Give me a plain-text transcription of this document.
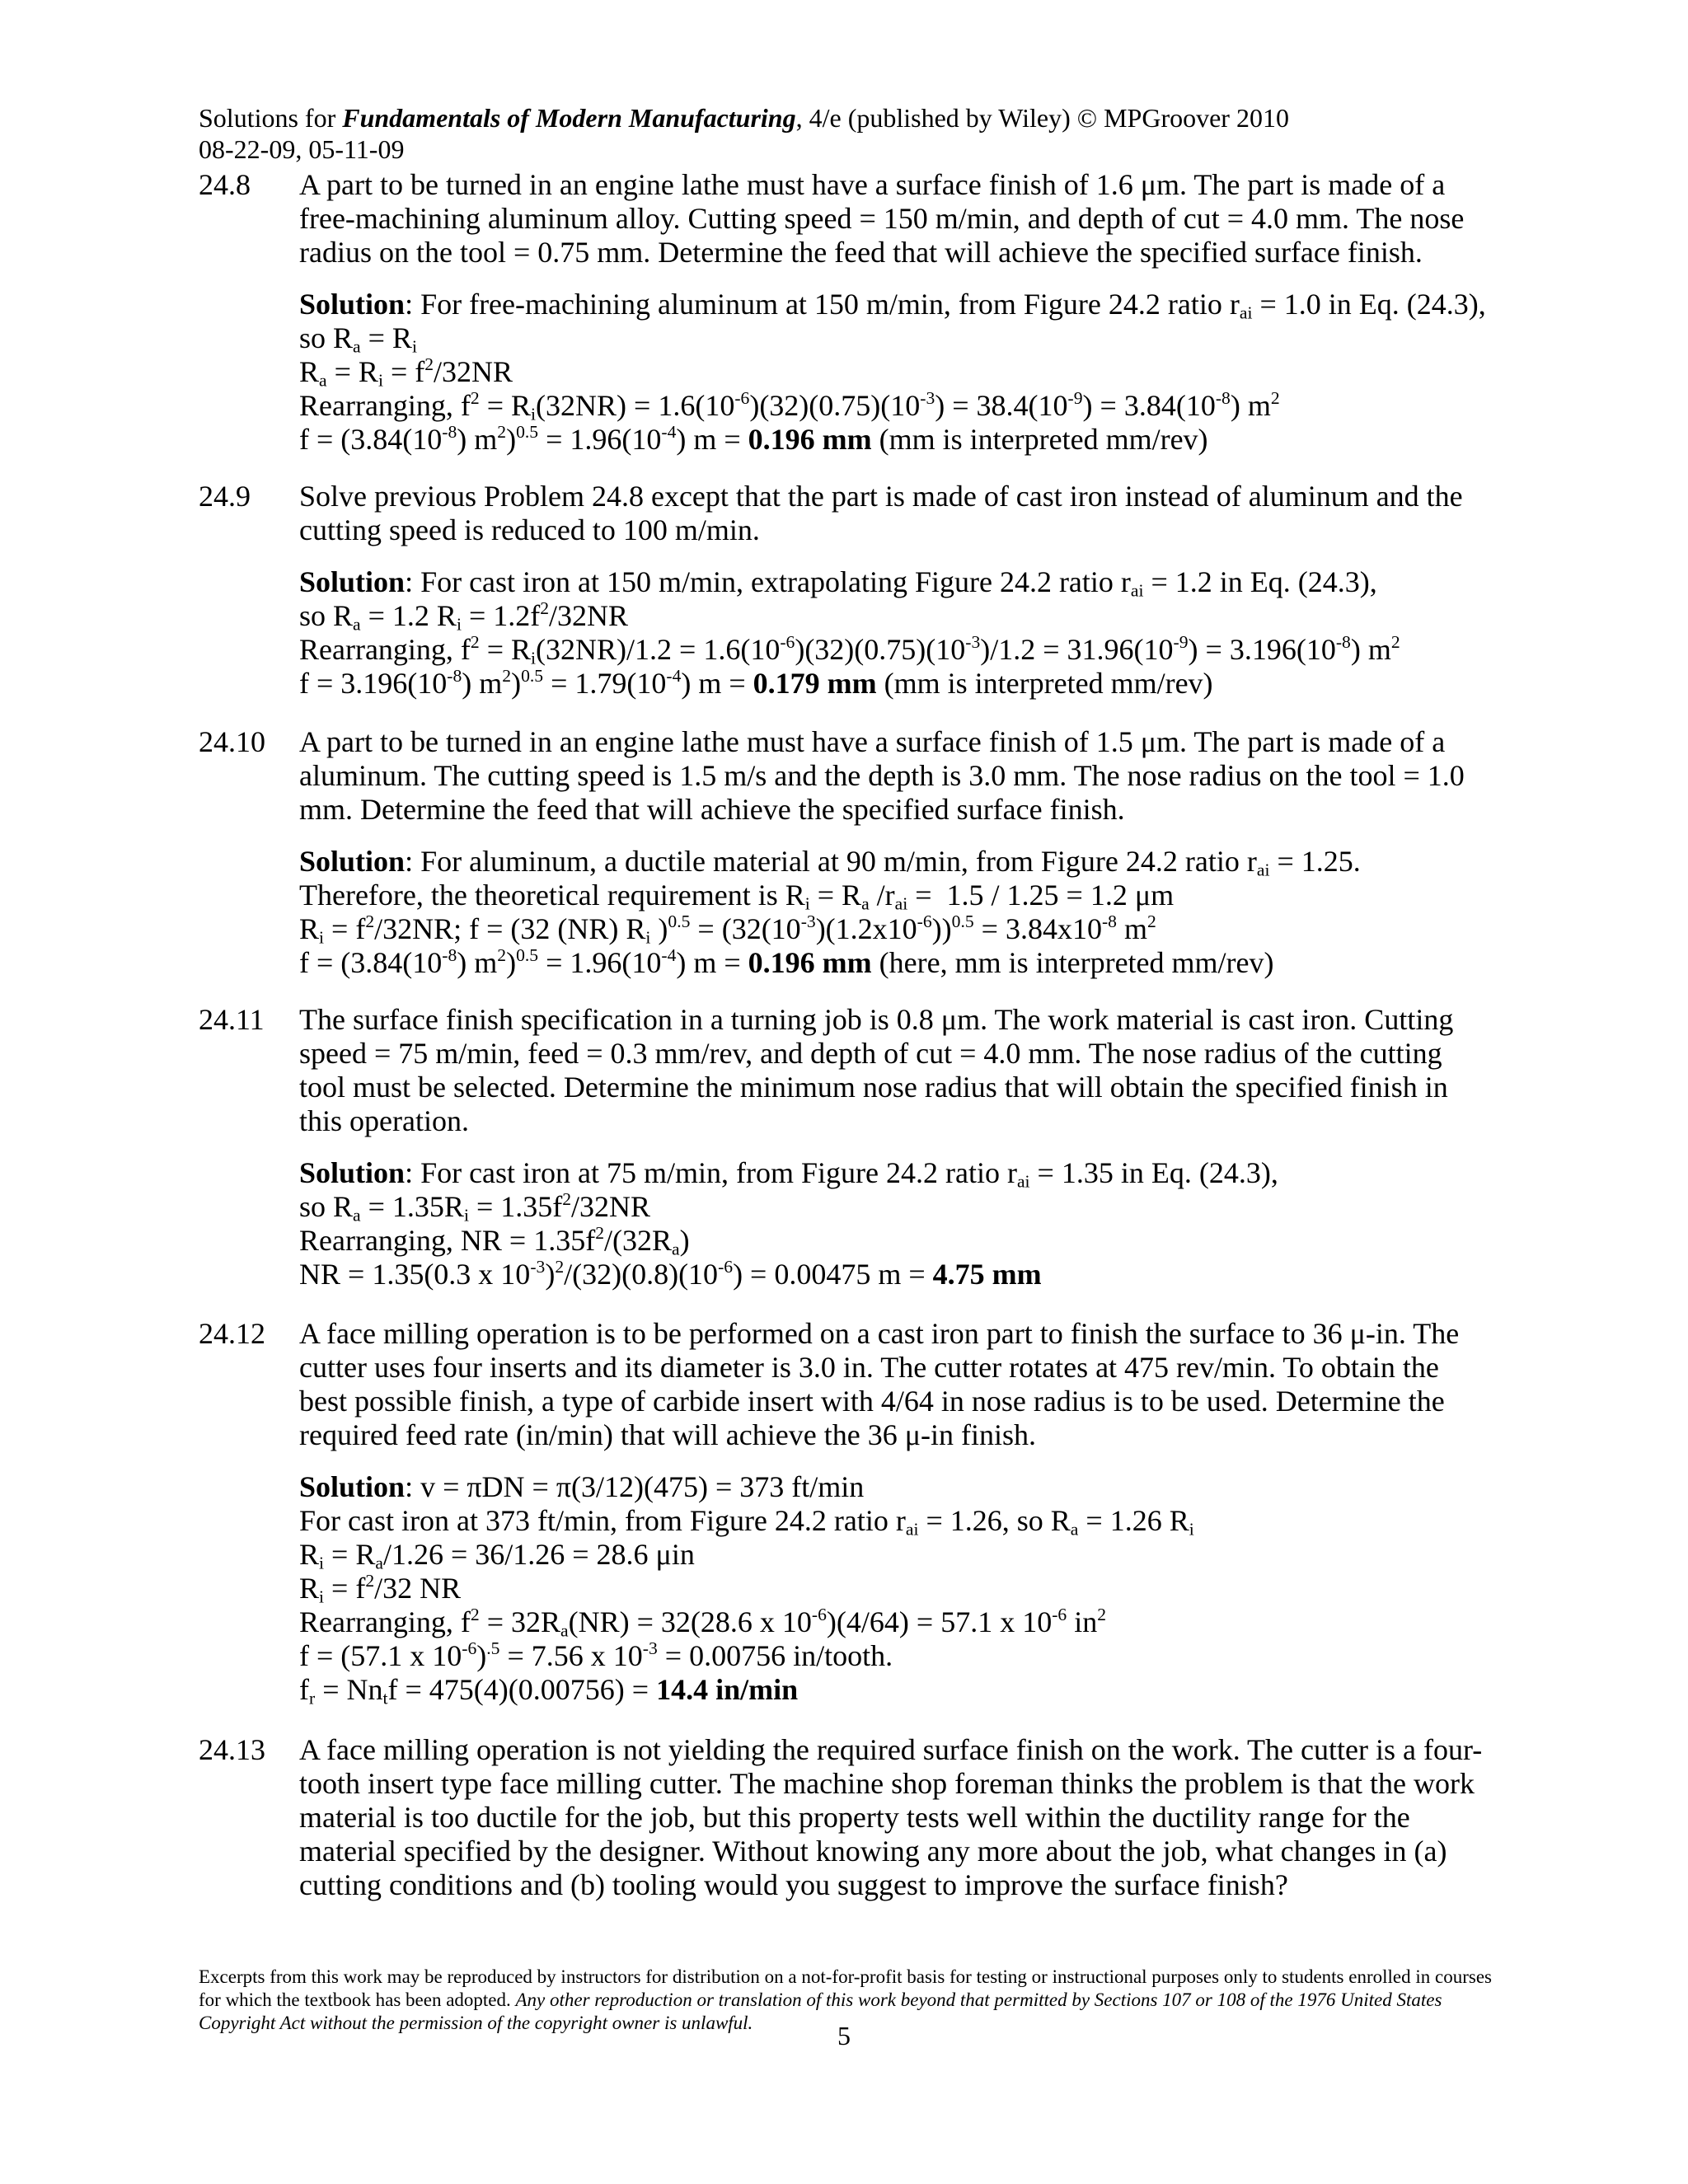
Solutions for Fundamentals of Modern Manufacturing, 4/e (published by Wiley) © MPGroover 2010
08-22-09, 05-11-09
24.8	A part to be turned in an engine lathe must have a surface finish of 1.6 μm. The part is made of a free-machining aluminum alloy. Cutting speed = 150 m/min, and depth of cut = 4.0 mm. The nose radius on the tool = 0.75 mm. Determine the feed that will achieve the specified surface finish.
Solution: For free-machining aluminum at 150 m/min, from Figure 24.2 ratio $r_{ai} = 1.0$ in Eq. (24.3),
so $R_a = R_i$
$R_a = R_i = f^2/32NR$
Rearranging, $f^2 = R_i(32NR) = 1.6(10^{-6})(32)(0.75)(10^{-3}) = 38.4(10^{-9}) = 3.84(10^{-8})$ $m^2$
$f = (3.84(10^{-8}) m^2)^{0.5} = 1.96(10^{-4}) m = 0.196$ mm (mm is interpreted mm/rev)
24.9	Solve previous Problem 24.8 except that the part is made of cast iron instead of aluminum and the cutting speed is reduced to 100 m/min.
Solution: For cast iron at 150 m/min, extrapolating Figure 24.2 ratio $r_{ai} = 1.2$ in Eq. (24.3),
so $R_a = 1.2$ $R_i = 1.2f^2/32NR$
Rearranging, $f^2 = R_i(32NR)/1.2 = 1.6(10^{-6})(32)(0.75)(10^{-3})/1.2 = 31.96(10^{-9}) = 3.196(10^{-8})$ $m^2$
$f = 3.196(10^{-8}) m^2)^{0.5} = 1.79(10^{-4})$ m = 0.179 mm (mm is interpreted mm/rev)
24.10	A part to be turned in an engine lathe must have a surface finish of 1.5 μm. The part is made of a aluminum. The cutting speed is 1.5 m/s and the depth is 3.0 mm. The nose radius on the tool = 1.0 mm. Determine the feed that will achieve the specified surface finish.
Solution: For aluminum, a ductile material at 90 m/min, from Figure 24.2 ratio $r_{ai} = 1.25$.
Therefore, the theoretical requirement is $R_i = R_a$ $/r_{ai} = 1.5 / 1.25 = 1.2$ μm
$R_i = f^2/32NR$; f = (32 (NR) $R_i$ )$^{0.5} = (32(10^{-3})(1.2x10^{-6}))^{0.5} = 3.84x10^{-8}$ $m^2$
$f = (3.84(10^{-8}) m^2)^{0.5} = 1.96(10^{-4}) m = 0.196$ mm (here, mm is interpreted mm/rev)
24.11	The surface finish specification in a turning job is 0.8 μm. The work material is cast iron. Cutting speed = 75 m/min, feed = 0.3 mm/rev, and depth of cut = 4.0 mm. The nose radius of the cutting tool must be selected. Determine the minimum nose radius that will obtain the specified finish in this operation.
Solution: For cast iron at 75 m/min, from Figure 24.2 ratio $r_{ai} = 1.35$ in Eq. (24.3),
so $R_a = 1.35R_i = 1.35f^2/32NR$
Rearranging, NR = $1.35f^2/(32R_a)$
NR = 1.35(0.3 x $10^{-3})^2/(32)(0.8)(10^{-6}) = 0.00475$ m = 4.75 mm
24.12	A face milling operation is to be performed on a cast iron part to finish the surface to 36 μ-in. The cutter uses four inserts and its diameter is 3.0 in. The cutter rotates at 475 rev/min. To obtain the best possible finish, a type of carbide insert with 4/64 in nose radius is to be used. Determine the required feed rate (in/min) that will achieve the 36 μ-in finish.
Solution: v = πDN = π(3/12)(475) = 373 ft/min
For cast iron at 373 ft/min, from Figure 24.2 ratio $r_{ai} = 1.26$, so $R_a = 1.26$ $R_i$
$R_i = R_a/1.26 = 36/1.26 = 28.6$ μin
$R_i = f^2/32$ NR
Rearranging, $f^2 = 32R_a(NR) = 32(28.6$ x $10^{-6})(4/64) = 57.1$ x $10^{-6}$ $in^2$
f = (57.1 x $10^{-6})^{.5} = 7.56$ x $10^{-3} = 0.00756$ in/tooth.
$f_r = Nn_tf = 475(4)(0.00756) = 14.4$ in/min
24.13	A face milling operation is not yielding the required surface finish on the work. The cutter is a four-tooth insert type face milling cutter. The machine shop foreman thinks the problem is that the work material is too ductile for the job, but this property tests well within the ductility range for the material specified by the designer. Without knowing any more about the job, what changes in (a) cutting conditions and (b) tooling would you suggest to improve the surface finish?
Excerpts from this work may be reproduced by instructors for distribution on a not-for-profit basis for testing or instructional purposes only to students enrolled in courses for which the textbook has been adopted. Any other reproduction or translation of this work beyond that permitted by Sections 107 or 108 of the 1976 United States Copyright Act without the permission of the copyright owner is unlawful.	5
